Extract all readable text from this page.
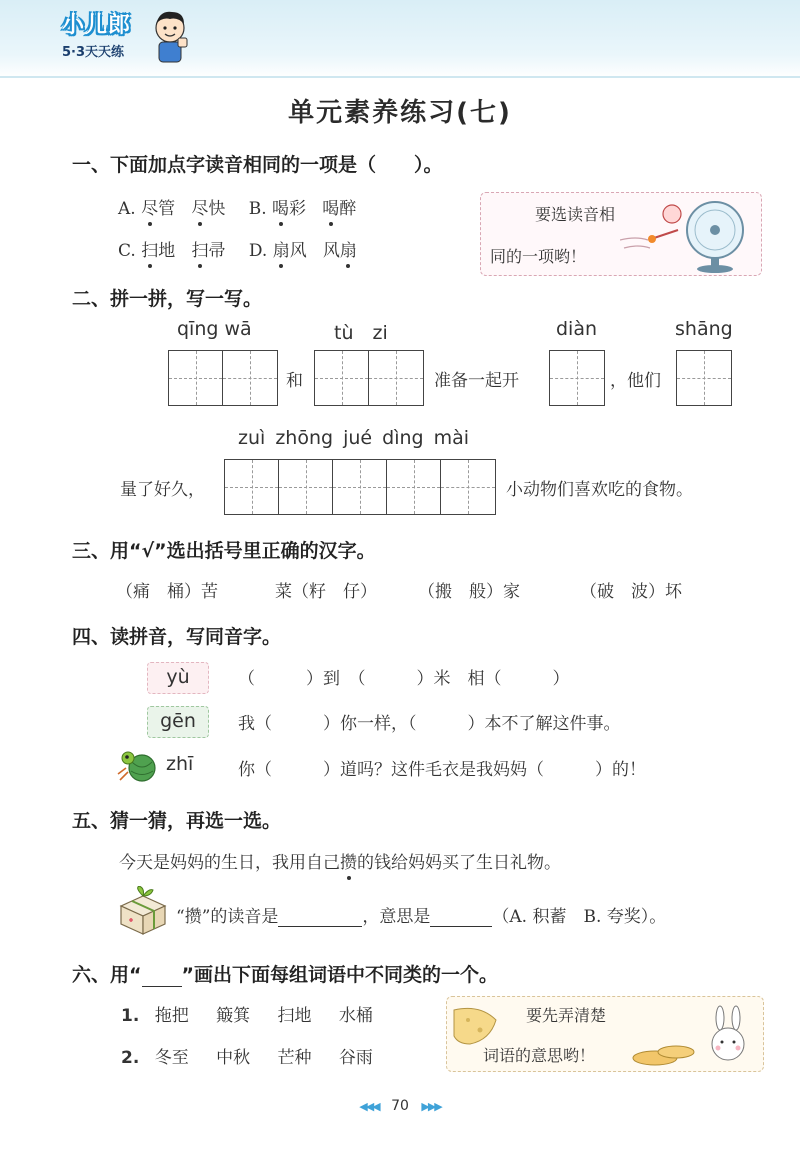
小儿郎
5·3天天练
单元素养练习(七)
一、下面加点字读音相同的一项是（　　）。
A. 尽管 尽快 B. 喝彩 喝醉
C. 扫地 扫帚 D. 扇风 风扇
要选读音相
同的一项哟！
二、拼一拼，写一写。
qīng wā	tù　zi	diàn	shāng
和	准备一起开	，他们
zuì zhōng jué dìng mài
量了好久，	小动物们喜欢吃的食物。
三、用“√”选出括号里正确的汉字。
（痛　桶）苦	菜（籽　仔） （搬　般）家	（破　波）坏
四、读拼音，写同音字。
yù	（　　　）到　（　　　）米　相（　　　）
gēn	我（　　　）你一样，（　　　）本不了解这件事。
zhī	你（　　　）道吗？这件毛衣是我妈妈（　　　）的！
五、猜一猜，再选一选。
今天是妈妈的生日，我用自己攒的钱给妈妈买了生日礼物。
“攒”的读音是	，意思是	（A. 积蓄　B. 夸奖）。
六、用“ ”画出下面每组词语中不同类的一个。
1. 拖把 簸箕 扫地 水桶
2. 冬至 中秋 芒种 谷雨
要先弄清楚
词语的意思哟！
◀◀◀ 70 ▶▶▶
